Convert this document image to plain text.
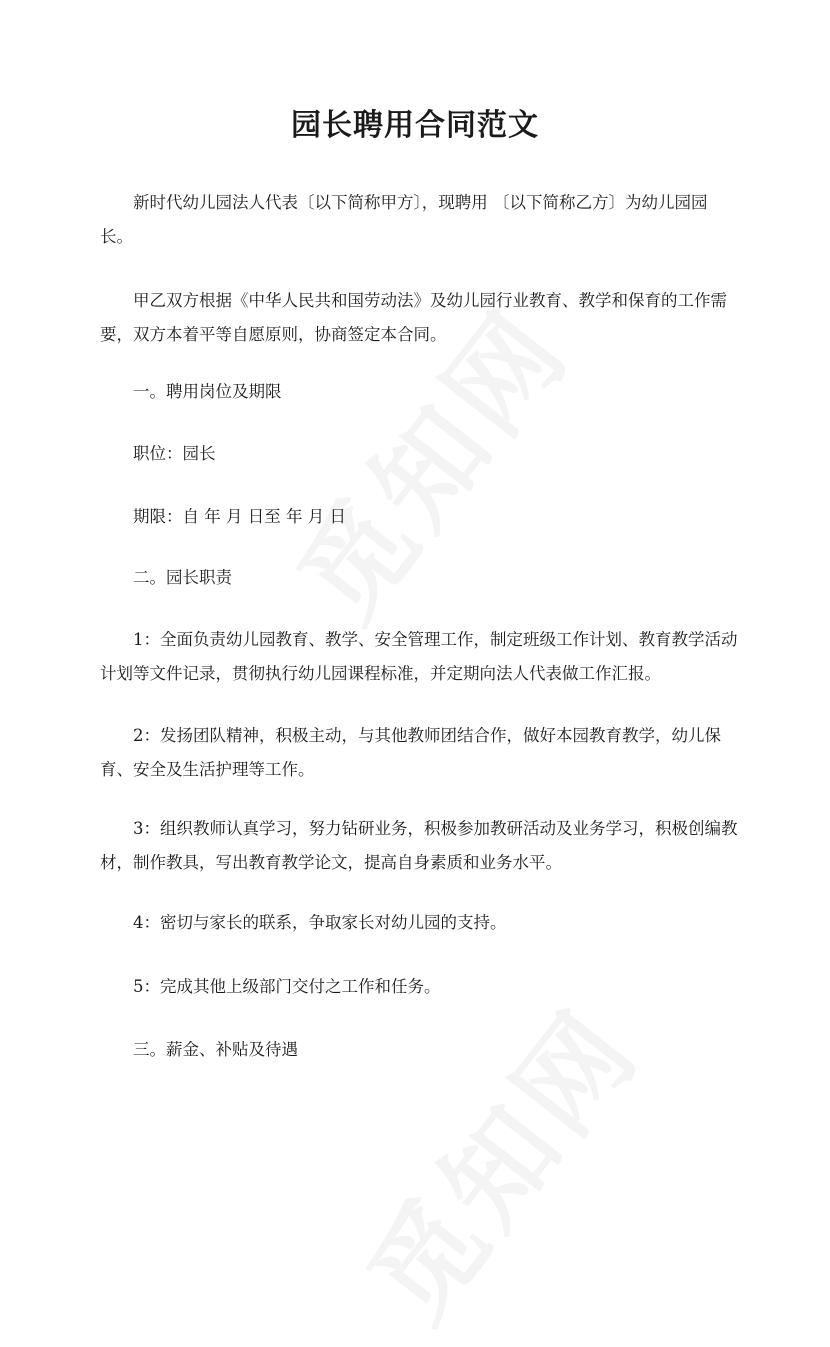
园长聘用合同范文

新时代幼儿园法人代表〔以下简称甲方〕，现聘用 〔以下简称乙方〕为幼儿园园长。

甲乙双方根据《中华人民共和国劳动法》及幼儿园行业教育、教学和保育的工作需要，双方本着平等自愿原则，协商签定本合同。

一。聘用岗位及期限

职位：园长

期限：自 年 月 日至 年 月 日

二。园长职责

1：全面负责幼儿园教育、教学、安全管理工作，制定班级工作计划、教育教学活动计划等文件记录，贯彻执行幼儿园课程标准，并定期向法人代表做工作汇报。

2：发扬团队精神，积极主动，与其他教师团结合作，做好本园教育教学，幼儿保育、安全及生活护理等工作。

3：组织教师认真学习，努力钻研业务，积极参加教研活动及业务学习，积极创编教材，制作教具，写出教育教学论文，提高自身素质和业务水平。

4：密切与家长的联系，争取家长对幼儿园的支持。

5：完成其他上级部门交付之工作和任务。

三。薪金、补贴及待遇
